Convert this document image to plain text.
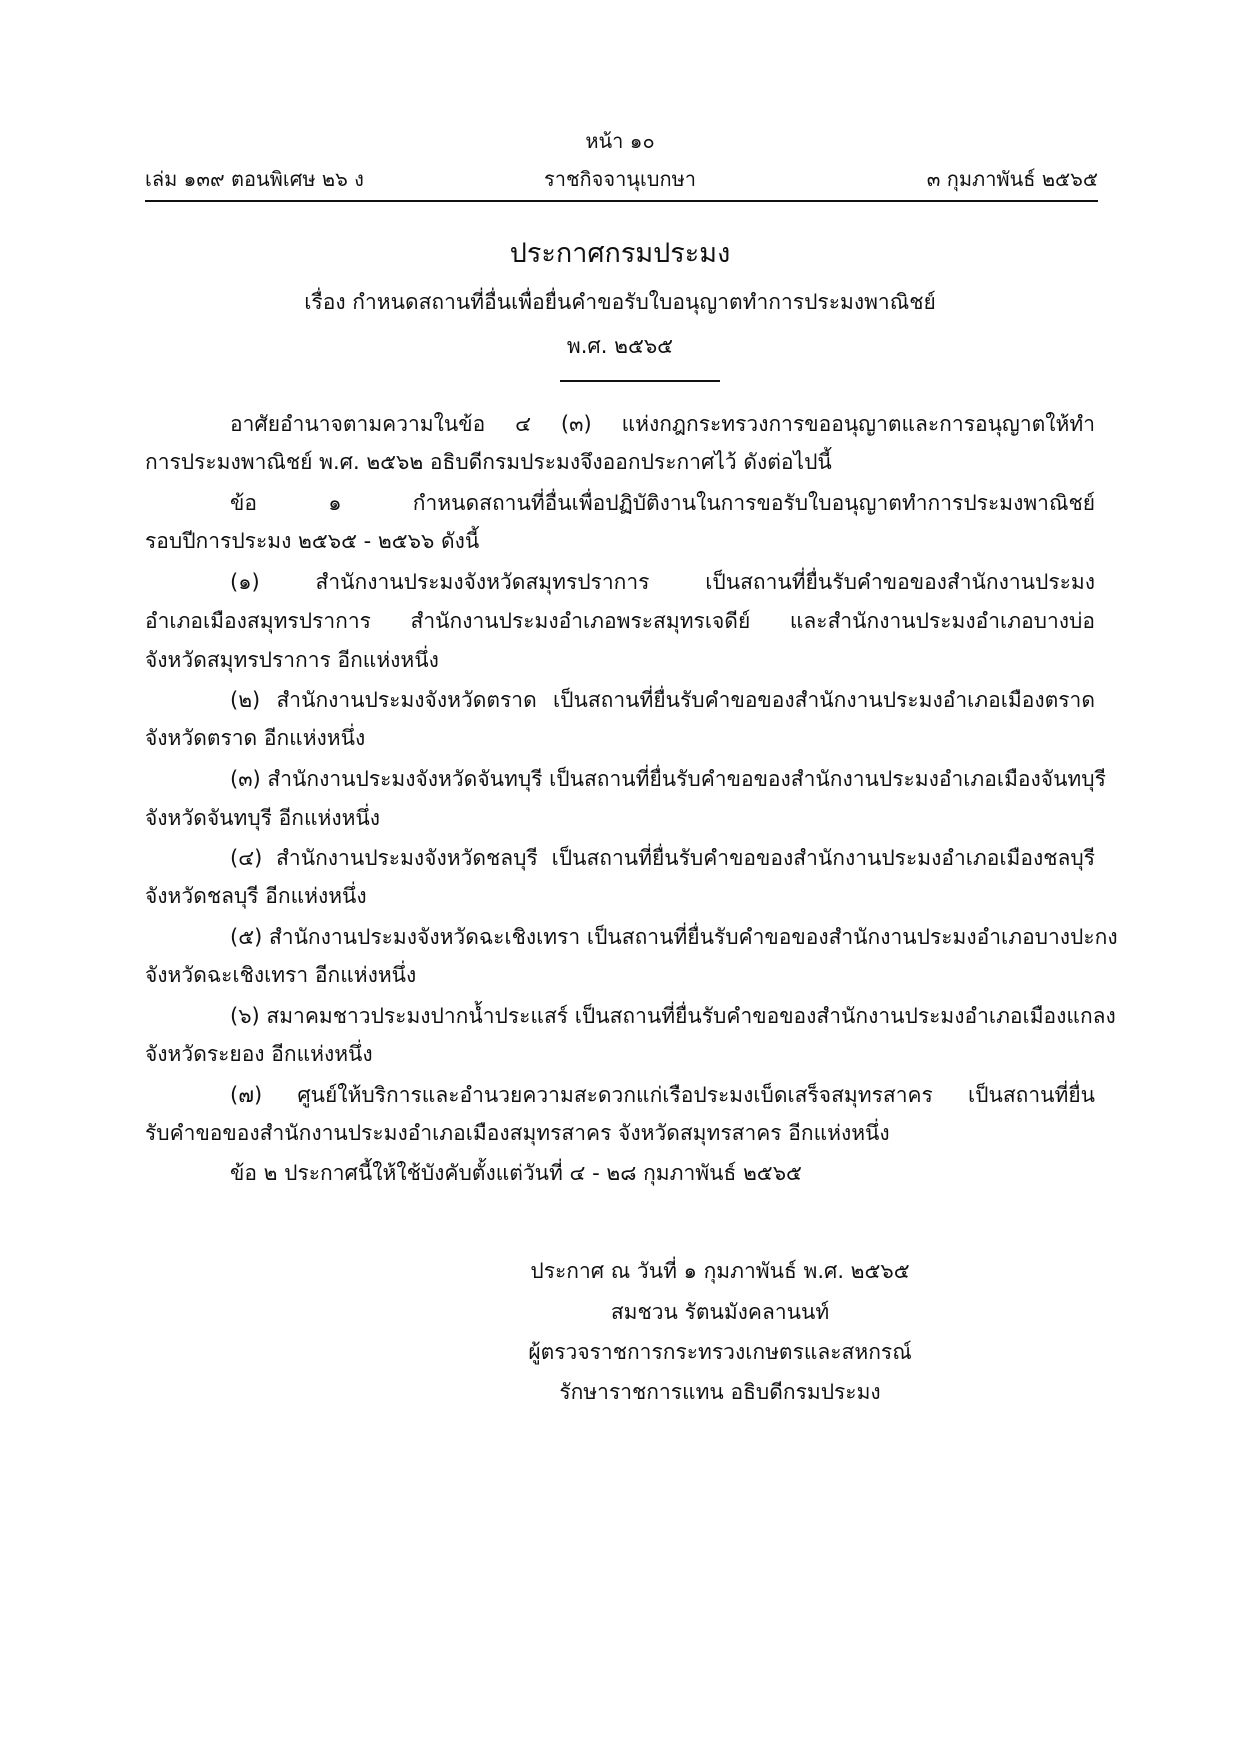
หน้า ๑๐
เล่ม ๑๓๙ ตอนพิเศษ ๒๖ ง	ราชกิจจานุเบกษา	๓ กุมภาพันธ์ ๒๕๖๕
ประกาศกรมประมง
เรื่อง กำหนดสถานที่อื่นเพื่อยื่นคำขอรับใบอนุญาตทำการประมงพาณิชย์
พ.ศ. ๒๕๖๕
อาศัยอำนาจตามความในข้อ ๔ (๓) แห่งกฎกระทรวงการขออนุญาตและการอนุญาตให้ทำ
การประมงพาณิชย์ พ.ศ. ๒๕๖๒ อธิบดีกรมประมงจึงออกประกาศไว้ ดังต่อไปนี้
ข้อ ๑ กำหนดสถานที่อื่นเพื่อปฏิบัติงานในการขอรับใบอนุญาตทำการประมงพาณิชย์
รอบปีการประมง ๒๕๖๕ - ๒๕๖๖ ดังนี้
(๑) สำนักงานประมงจังหวัดสมุทรปราการ เป็นสถานที่ยื่นรับคำขอของสำนักงานประมง
อำเภอเมืองสมุทรปราการ สำนักงานประมงอำเภอพระสมุทรเจดีย์ และสำนักงานประมงอำเภอบางบ่อ
จังหวัดสมุทรปราการ อีกแห่งหนึ่ง
(๒) สำนักงานประมงจังหวัดตราด เป็นสถานที่ยื่นรับคำขอของสำนักงานประมงอำเภอเมืองตราด
จังหวัดตราด อีกแห่งหนึ่ง
(๓) สำนักงานประมงจังหวัดจันทบุรี เป็นสถานที่ยื่นรับคำขอของสำนักงานประมงอำเภอเมืองจันทบุรี
จังหวัดจันทบุรี อีกแห่งหนึ่ง
(๔) สำนักงานประมงจังหวัดชลบุรี เป็นสถานที่ยื่นรับคำขอของสำนักงานประมงอำเภอเมืองชลบุรี
จังหวัดชลบุรี อีกแห่งหนึ่ง
(๕) สำนักงานประมงจังหวัดฉะเชิงเทรา เป็นสถานที่ยื่นรับคำขอของสำนักงานประมงอำเภอบางปะกง
จังหวัดฉะเชิงเทรา อีกแห่งหนึ่ง
(๖) สมาคมชาวประมงปากน้ำประแสร์ เป็นสถานที่ยื่นรับคำขอของสำนักงานประมงอำเภอเมืองแกลง
จังหวัดระยอง อีกแห่งหนึ่ง
(๗) ศูนย์ให้บริการและอำนวยความสะดวกแก่เรือประมงเบ็ดเสร็จสมุทรสาคร เป็นสถานที่ยื่น
รับคำขอของสำนักงานประมงอำเภอเมืองสมุทรสาคร จังหวัดสมุทรสาคร อีกแห่งหนึ่ง
ข้อ ๒ ประกาศนี้ให้ใช้บังคับตั้งแต่วันที่ ๔ - ๒๘ กุมภาพันธ์ ๒๕๖๕
ประกาศ ณ วันที่ ๑ กุมภาพันธ์ พ.ศ. ๒๕๖๕
สมชวน รัตนมังคลานนท์
ผู้ตรวจราชการกระทรวงเกษตรและสหกรณ์
รักษาราชการแทน อธิบดีกรมประมง
